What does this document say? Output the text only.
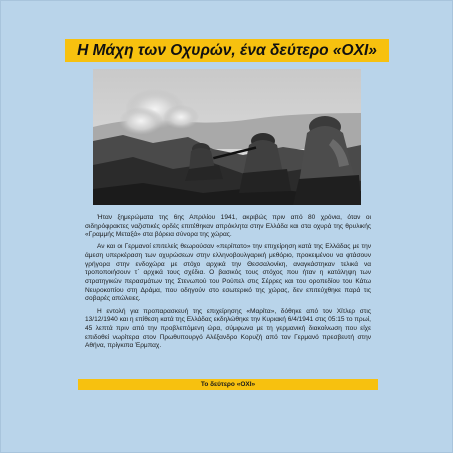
Η Μάχη των Οχυρών, ένα δεύτερο «ΟΧΙ»

Ήταν ξημερώματα της 6ης Απριλίου 1941, ακριβώς πριν από 80 χρόνια, όταν οι σιδηρόφρακτες ναζιστικές ορδές επιτέθηκαν απρόκλητα στην Ελλάδα και στα οχυρά της θρυλικής «Γραμμής Μεταξά» στα βόρεια σύνορα της χώρας.

Αν και οι Γερμανοί επιτελείς θεωρούσαν «περίπατο» την επιχείρηση κατά της Ελλάδας με την άμεση υπερκέραση των οχυρώσεων στην ελληνοβουλγαρική μεθόριο, προκειμένου να φτάσουν γρήγορα στην ενδοχώρα με στόχο αρχικά την Θεσσαλονίκη, αναγκάστηκαν τελικά να τροποποιήσουν τ΄ αρχικά τους σχέδια. Ο βασικός τους στόχος που ήταν η κατάληψη των στρατηγικών περασμάτων της Στενωπού του Ρούπελ στις Σέρρες και του οροπεδίου του Κάτω Νευροκοπίου στη Δράμα, που οδηγούν στο εσωτερικό της χώρας, δεν επιτεύχθηκε παρά τις σοβαρές απώλειες.

Η εντολή για προπαρασκευή της επιχείρησης «Μαρίτα», δόθηκε από τον Χίτλερ στις 13/12/1940 και η επίθεση κατά της Ελλάδας εκδηλώθηκε την Κυριακή 6/4/1941 στις 05:15 το πρωί, 45 λεπτά πριν από την προβλεπόμενη ώρα, σύμφωνα με τη γερμανική διακοίνωση που είχε επιδοθεί νωρίτερα στον Πρωθυπουργό Αλέξανδρο Κορυζή από τον Γερμανό πρεσβευτή στην Αθήνα, πρίγκιπα Έρμπαχ.

Το δεύτερο «ΟΧΙ»
